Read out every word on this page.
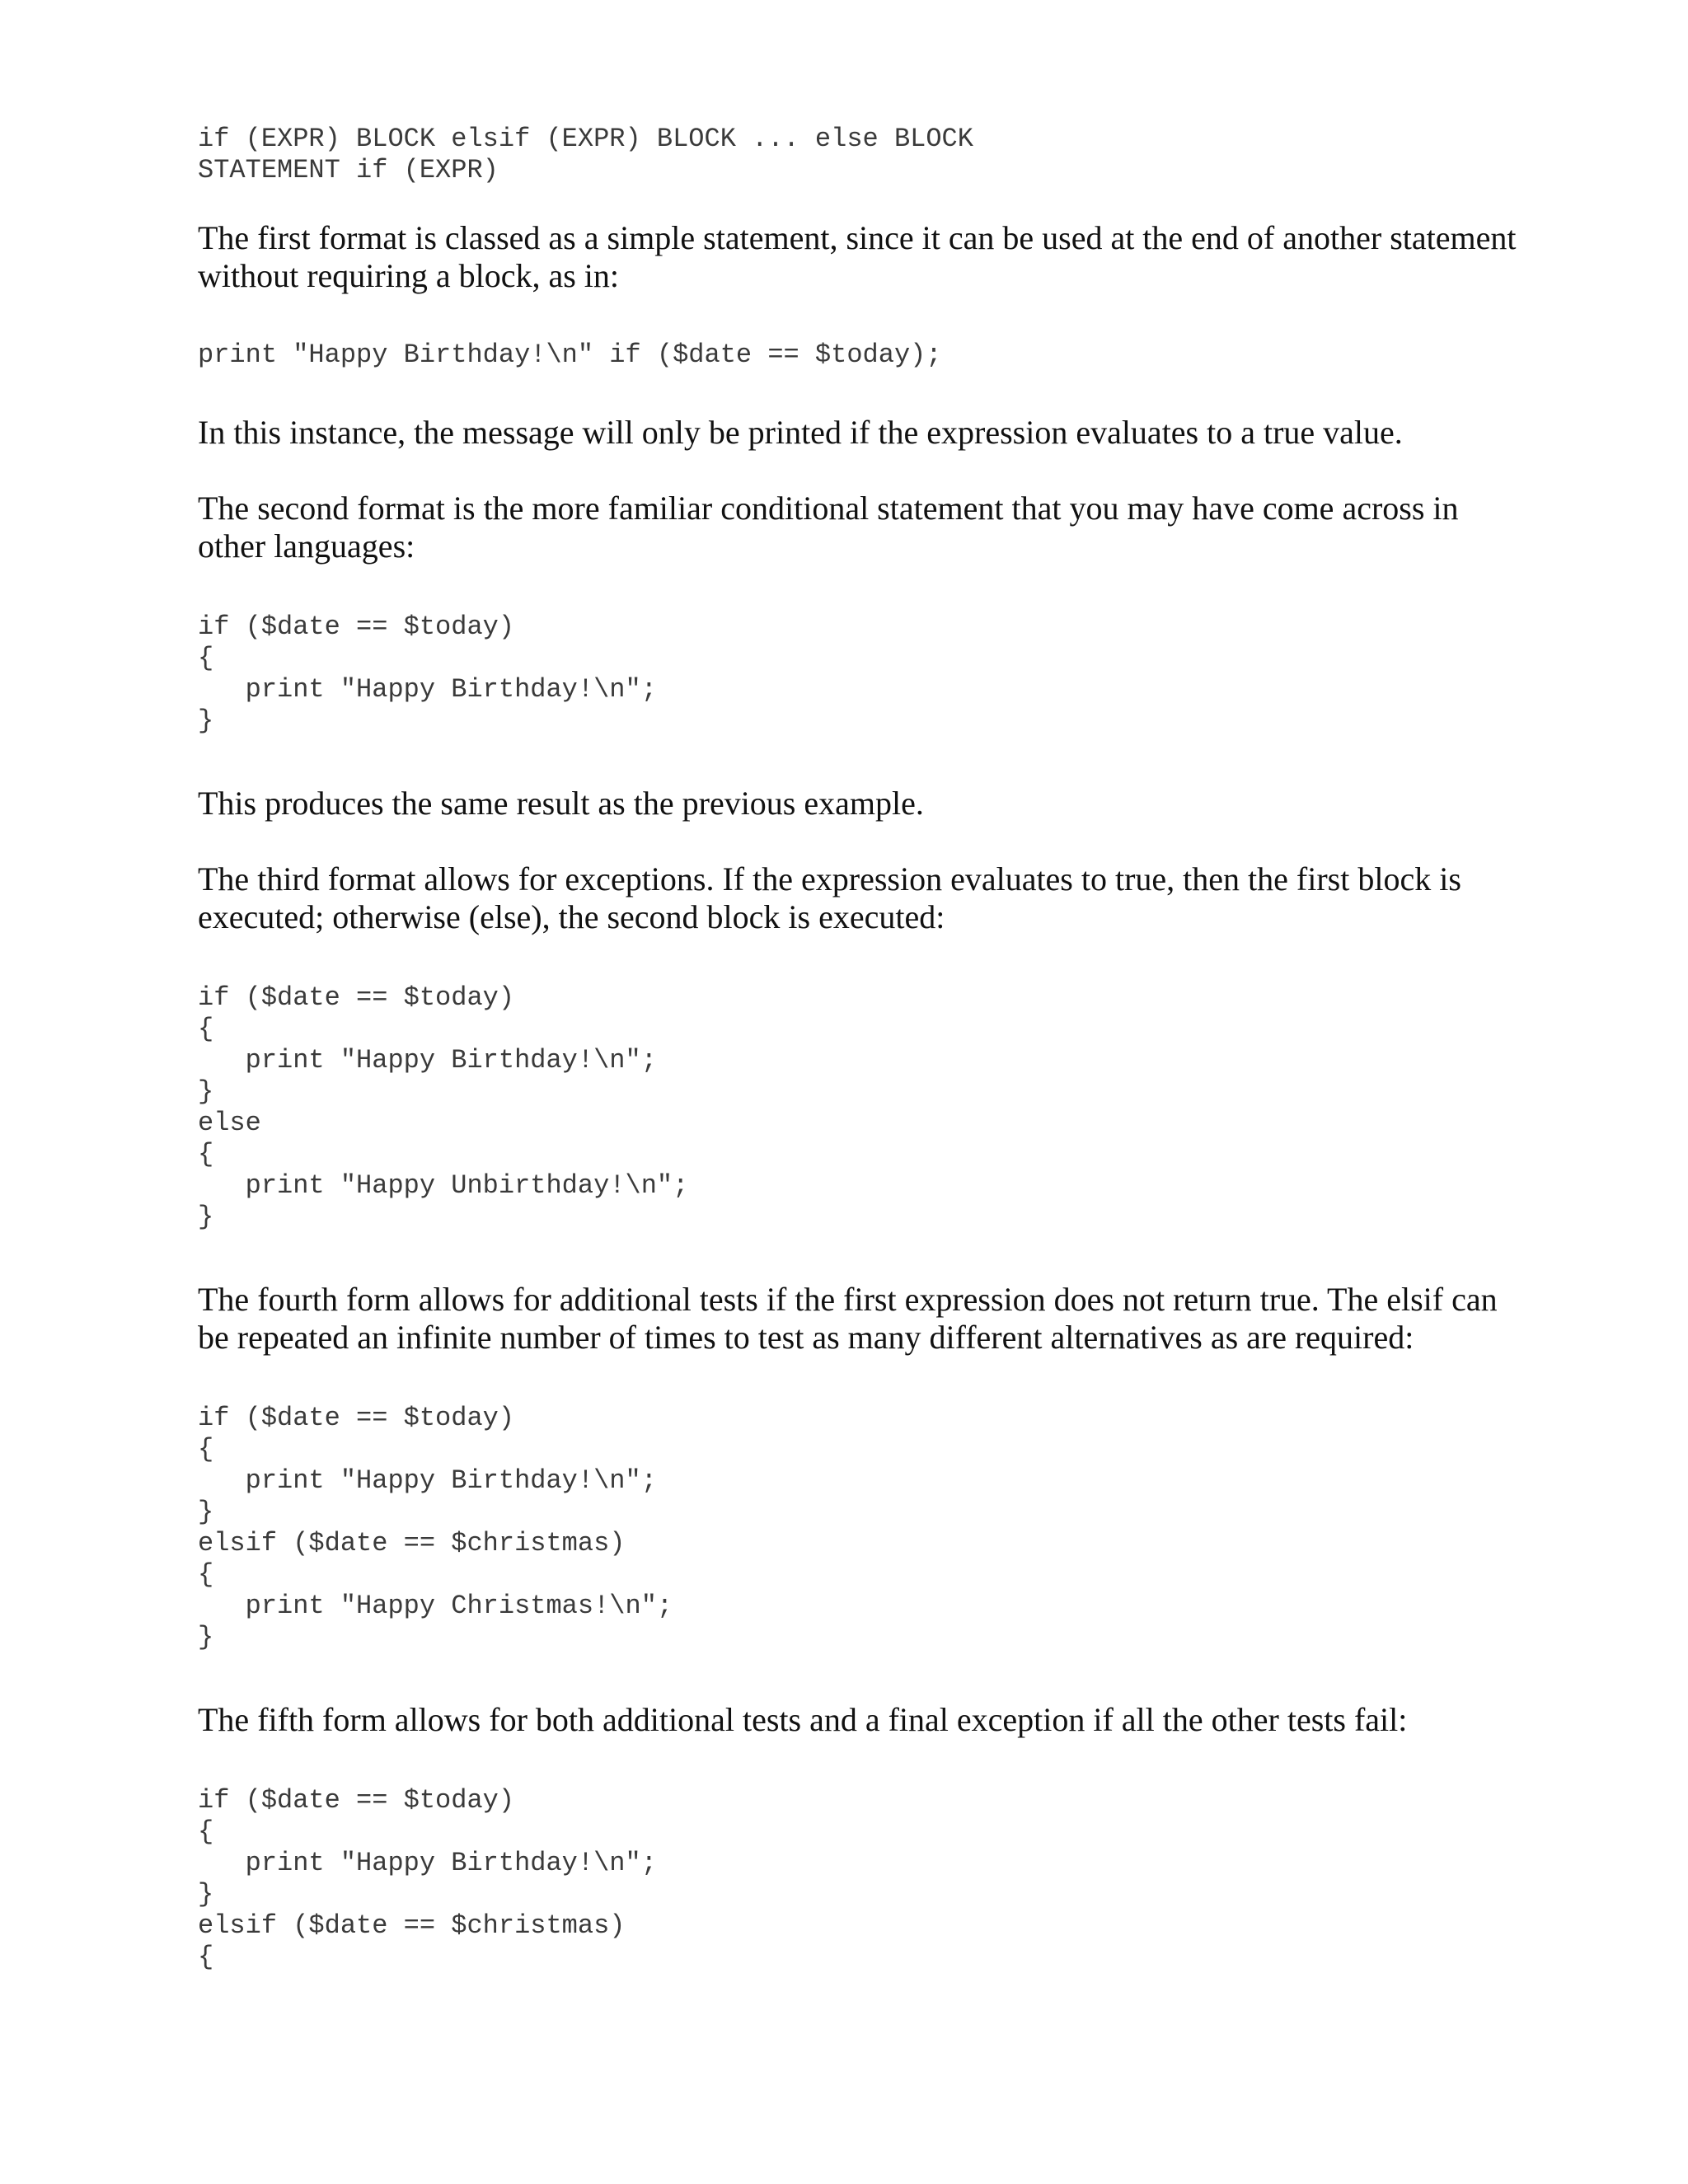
if (EXPR) BLOCK elsif (EXPR) BLOCK ... else BLOCK
STATEMENT if (EXPR)

The first format is classed as a simple statement, since it can be used at the end of another statement without requiring a block, as in:

print "Happy Birthday!\n" if ($date == $today);

In this instance, the message will only be printed if the expression evaluates to a true value.

The second format is the more familiar conditional statement that you may have come across in other languages:

if ($date == $today)
{
print "Happy Birthday!\n";
}

This produces the same result as the previous example.

The third format allows for exceptions. If the expression evaluates to true, then the first block is executed; otherwise (else), the second block is executed:

if ($date == $today)
{
print "Happy Birthday!\n";
}
else
{
print "Happy Unbirthday!\n";
}

The fourth form allows for additional tests if the first expression does not return true. The elsif can be repeated an infinite number of times to test as many different alternatives as are required:

if ($date == $today)
{
print "Happy Birthday!\n";
}
elsif ($date == $christmas)
{
print "Happy Christmas!\n";
}

The fifth form allows for both additional tests and a final exception if all the other tests fail:

if ($date == $today)
{
print "Happy Birthday!\n";
}
elsif ($date == $christmas)
{
